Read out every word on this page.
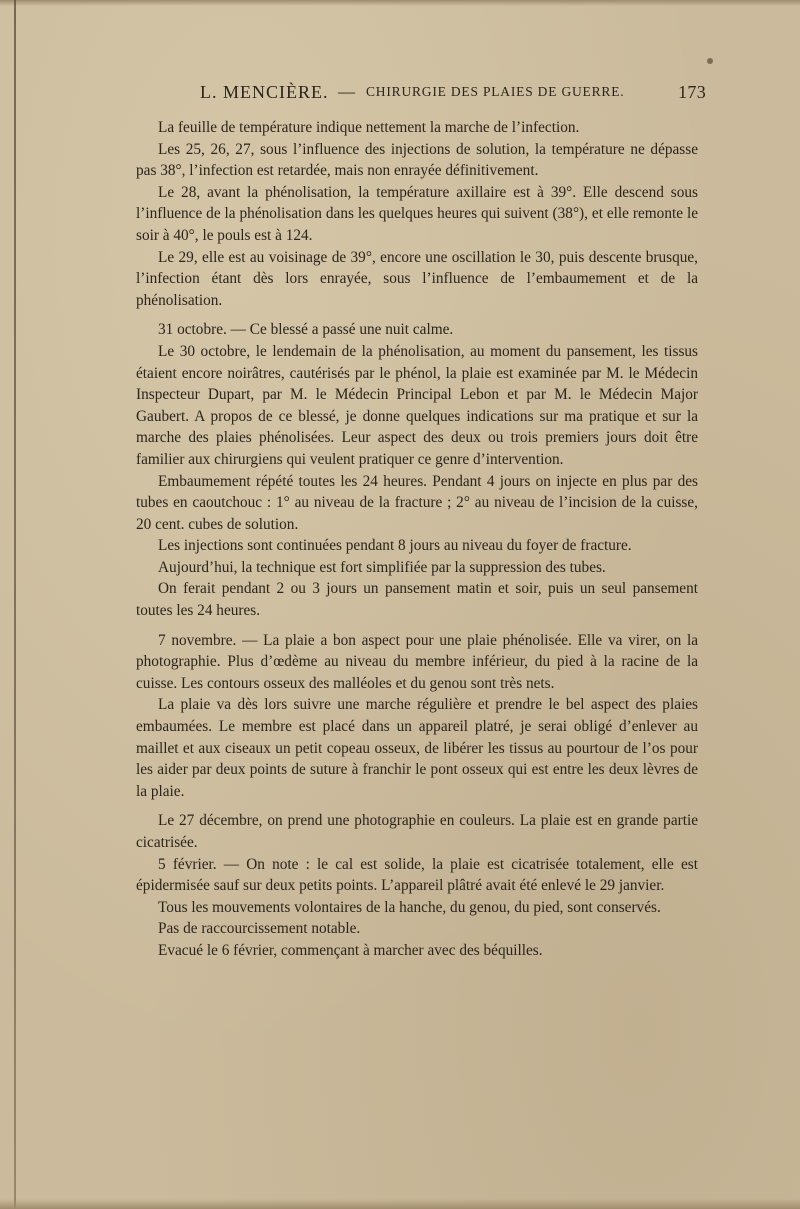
L. MENCIÈRE. — CHIRURGIE DES PLAIES DE GUERRE.	173

La feuille de température indique nettement la marche de l’infection.

Les 25, 26, 27, sous l’influence des injections de solution, la température ne dépasse pas 38°, l’infection est retardée, mais non enrayée définitivement.

Le 28, avant la phénolisation, la température axillaire est à 39°. Elle descend sous l’influence de la phénolisation dans les quelques heures qui suivent (38°), et elle remonte le soir à 40°, le pouls est à 124.

Le 29, elle est au voisinage de 39°, encore une oscillation le 30, puis descente brusque, l’infection étant dès lors enrayée, sous l’influence de l’embaumement et de la phénolisation.

31 octobre. — Ce blessé a passé une nuit calme.

Le 30 octobre, le lendemain de la phénolisation, au moment du pansement, les tissus étaient encore noirâtres, cautérisés par le phénol, la plaie est examinée par M. le Médecin Inspecteur Dupart, par M. le Médecin Principal Lebon et par M. le Médecin Major Gaubert. A propos de ce blessé, je donne quelques indications sur ma pratique et sur la marche des plaies phénolisées. Leur aspect des deux ou trois premiers jours doit être familier aux chirurgiens qui veulent pratiquer ce genre d’intervention.

Embaumement répété toutes les 24 heures. Pendant 4 jours on injecte en plus par des tubes en caoutchouc : 1° au niveau de la fracture ; 2° au niveau de l’incision de la cuisse, 20 cent. cubes de solution.

Les injections sont continuées pendant 8 jours au niveau du foyer de fracture.

Aujourd’hui, la technique est fort simplifiée par la suppression des tubes.

On ferait pendant 2 ou 3 jours un pansement matin et soir, puis un seul pansement toutes les 24 heures.

7 novembre. — La plaie a bon aspect pour une plaie phénolisée. Elle va virer, on la photographie. Plus d’œdème au niveau du membre inférieur, du pied à la racine de la cuisse. Les contours osseux des malléoles et du genou sont très nets.

La plaie va dès lors suivre une marche régulière et prendre le bel aspect des plaies embaumées. Le membre est placé dans un appareil platré, je serai obligé d’enlever au maillet et aux ciseaux un petit copeau osseux, de libérer les tissus au pourtour de l’os pour les aider par deux points de suture à franchir le pont osseux qui est entre les deux lèvres de la plaie.

Le 27 décembre, on prend une photographie en couleurs. La plaie est en grande partie cicatrisée.

5 février. — On note : le cal est solide, la plaie est cicatrisée totalement, elle est épidermisée sauf sur deux petits points. L’appareil plâtré avait été enlevé le 29 janvier.

Tous les mouvements volontaires de la hanche, du genou, du pied, sont conservés.

Pas de raccourcissement notable.

Evacué le 6 février, commençant à marcher avec des béquilles.
